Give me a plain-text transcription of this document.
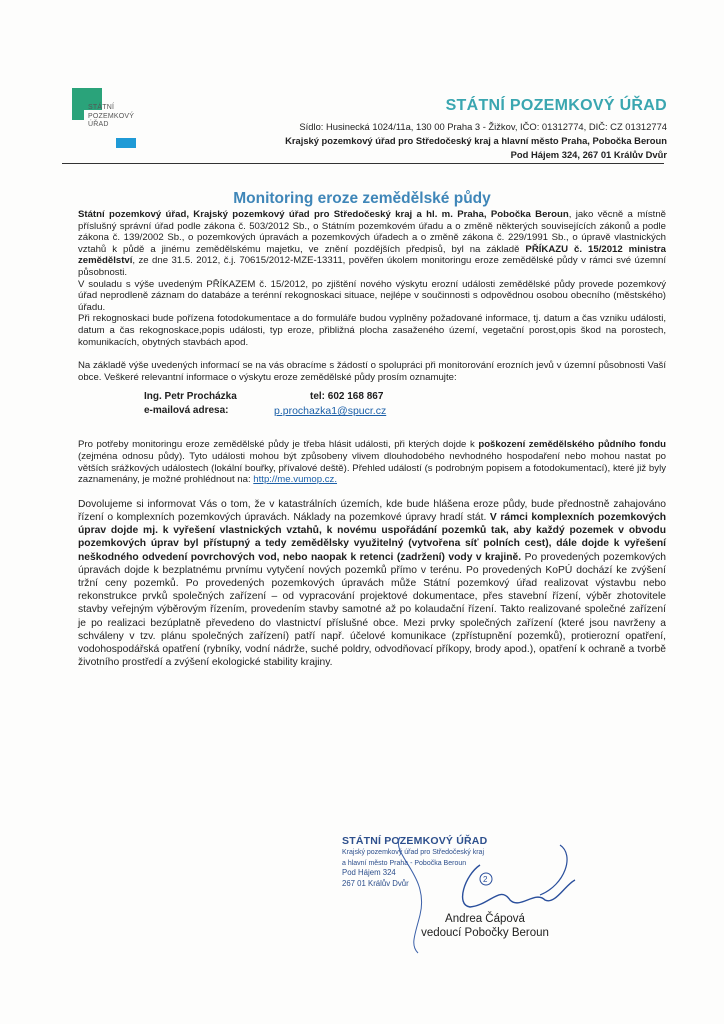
STÁTNÍ
POZEMKOVÝ
ÚŘAD
STÁTNÍ POZEMKOVÝ ÚŘAD
Sídlo: Husinecká 1024/11a, 130 00 Praha 3 - Žižkov, IČO: 01312774, DIČ: CZ 01312774
Krajský pozemkový úřad pro Středočeský kraj a hlavní město Praha, Pobočka Beroun
Pod Hájem 324, 267 01 Králův Dvůr
Monitoring eroze zemědělské půdy

Státní pozemkový úřad, Krajský pozemkový úřad pro Středočeský kraj a hl. m. Praha, Pobočka Beroun, jako věcně a místně příslušný správní úřad podle zákona č. 503/2012 Sb., o Státním pozemkovém úřadu a o změně některých souvisejících zákonů a podle zákona č. 139/2002 Sb., o pozemkových úpravách a pozemkových úřadech a o změně zákona č. 229/1991 Sb., o úpravě vlastnických vztahů k půdě a jinému zemědělskému majetku, ve znění pozdějších předpisů, byl na základě PŘÍKAZU č. 15/2012 ministra zemědělství, ze dne 31.5. 2012, č.j. 70615/2012-MZE-13311, pověřen úkolem monitoringu eroze zemědělské půdy v rámci své územní působnosti.

V souladu s výše uvedeným PŘÍKAZEM č. 15/2012, po zjištění nového výskytu erozní události zemědělské půdy provede pozemkový úřad neprodleně záznam do databáze a terénní rekognoskaci situace, nejlépe v součinnosti s odpovědnou osobou obecního (městského) úřadu.

Při rekognoskaci bude pořízena fotodokumentace a do formuláře budou vyplněny požadované informace, tj. datum a čas vzniku události, datum a čas rekognoskace,popis události, typ eroze, přibližná plocha zasaženého území, vegetační porost,opis škod na porostech, komunikacích, obytných stavbách apod.

Na základě výše uvedených informací se na vás obracíme s žádostí o spolupráci při monitorování erozních jevů v územní působnosti Vaší obce. Veškeré relevantní informace o výskytu eroze zemědělské půdy prosím oznamujte:

Ing. Petr Procházka	tel: 602 168 867
e-mailová adresa:	p.prochazka1@spucr.cz

Pro potřeby monitoringu eroze zemědělské půdy je třeba hlásit události, při kterých dojde k poškození zemědělského půdního fondu (zejména odnosu půdy). Tyto události mohou být způsobeny vlivem dlouhodobého nevhodného hospodaření nebo mohou nastat po větších srážkových událostech (lokální bouřky, přívalové deště). Přehled událostí (s podrobným popisem a fotodokumentací), které již byly zaznamenány, je možné prohlédnout na: http://me.vumop.cz.

Dovolujeme si informovat Vás o tom, že v katastrálních územích, kde bude hlášena eroze půdy, bude přednostně zahajováno řízení o komplexních pozemkových úpravách. Náklady na pozemkové úpravy hradí stát. V rámci komplexních pozemkových úprav dojde mj. k vyřešení vlastnických vztahů, k novému uspořádání pozemků tak, aby každý pozemek v obvodu pozemkových úprav byl přístupný a tedy zemědělsky využitelný (vytvořena síť polních cest), dále dojde k vyřešení neškodného odvedení povrchových vod, nebo naopak k retenci (zadržení) vody v krajině. Po provedených pozemkových úpravách dojde k bezplatnému prvnímu vytyčení nových pozemků přímo v terénu. Po provedených KoPÚ dochází ke zvýšení tržní ceny pozemků. Po provedených pozemkových úpravách může Státní pozemkový úřad realizovat výstavbu nebo rekonstrukce prvků společných zařízení – od vypracování projektové dokumentace, přes stavební řízení, výběr zhotovitele stavby veřejným výběrovým řízením, provedením stavby samotné až po kolaudační řízení. Takto realizované společné zařízení je po realizaci bezúplatně převedeno do vlastnictví příslušné obce. Mezi prvky společných zařízení (které jsou navrženy a schváleny v tzv. plánu společných zařízení) patří např. účelové komunikace (zpřístupnění pozemků), protierozní opatření, vodohospodářská opatření (rybníky, vodní nádrže, suché poldry, odvodňovací příkopy, brody apod.), opatření k ochraně a tvorbě životního prostředí a zvýšení ekologické stability krajiny.

STÁTNÍ POZEMKOVÝ ÚŘAD
Krajský pozemkový úřad pro Středočeský kraj
a hlavní město Praha - Pobočka Beroun
Pod Hájem 324
267 01 Králův Dvůr	2
Andrea Čápová
vedoucí Pobočky Beroun
